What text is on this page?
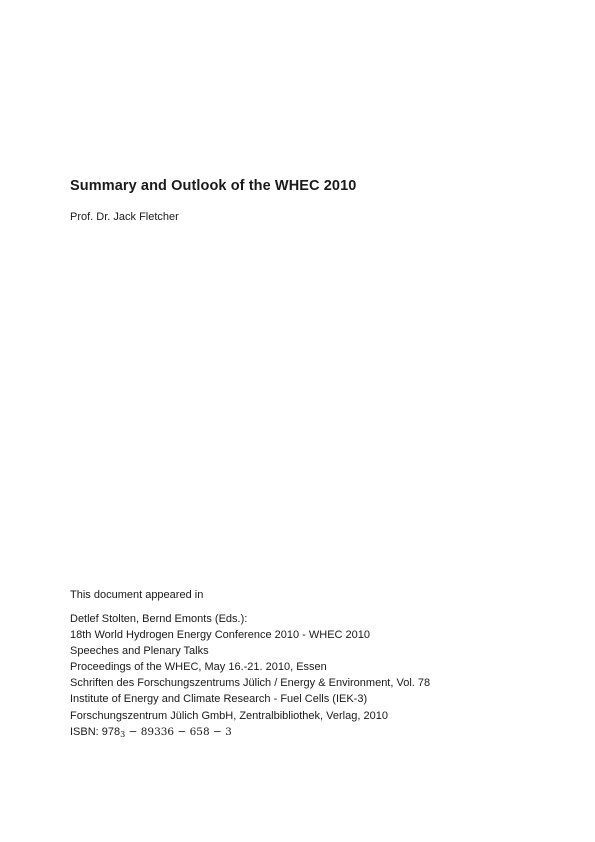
Summary and Outlook of the WHEC 2010
Prof. Dr. Jack Fletcher
This document appeared in
Detlef Stolten, Bernd Emonts (Eds.):
18th World Hydrogen Energy Conference 2010 - WHEC 2010
Speeches and Plenary Talks
Proceedings of the WHEC, May 16.-21. 2010, Essen
Schriften des Forschungszentrums Jülich / Energy & Environment, Vol. 78
Institute of Energy and Climate Research - Fuel Cells (IEK-3)
Forschungszentrum Jülich GmbH, Zentralbibliothek, Verlag, 2010
ISBN: 9783 − 89336 − 658 − 3
